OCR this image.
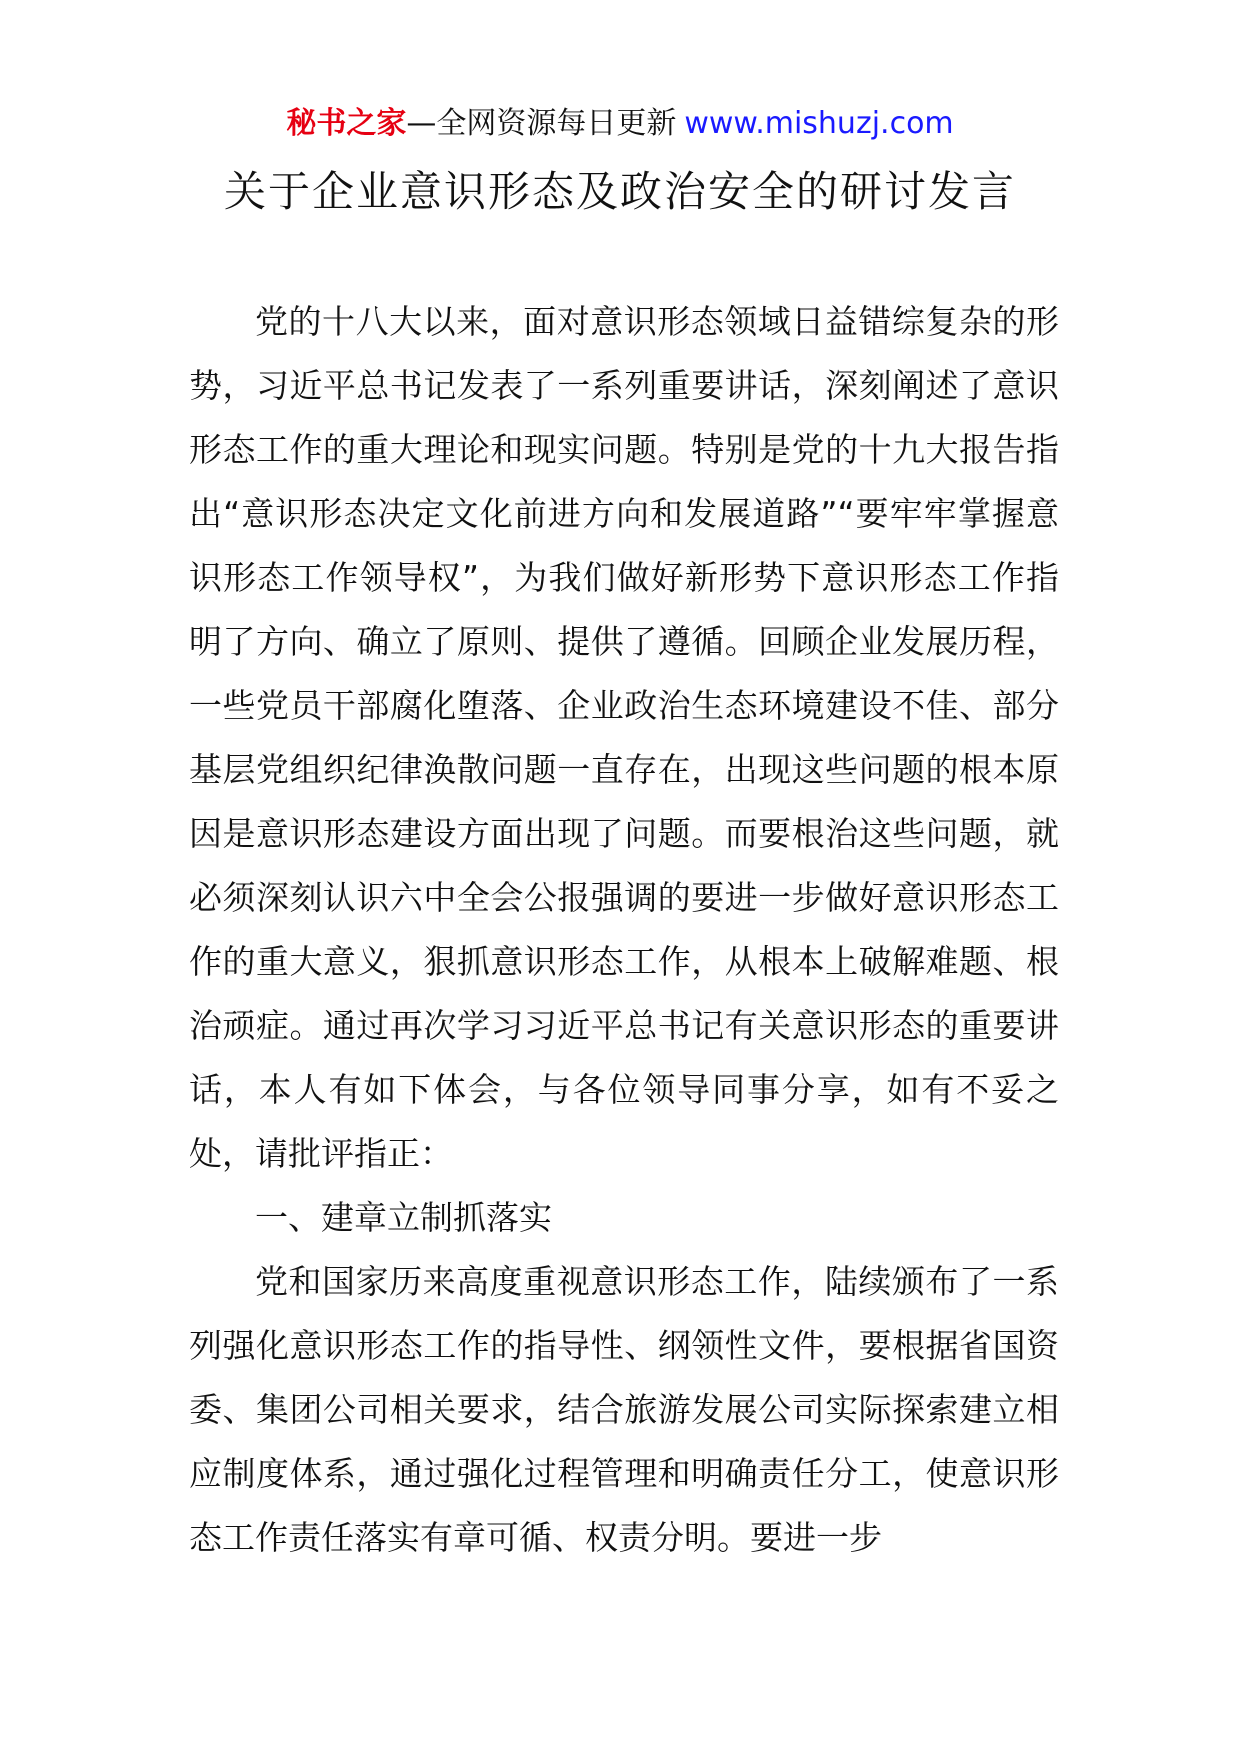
秘书之家—全网资源每日更新 www.mishuzj.com
关于企业意识形态及政治安全的研讨发言

党的十八大以来，面对意识形态领域日益错综复杂的形势，习近平总书记发表了一系列重要讲话，深刻阐述了意识形态工作的重大理论和现实问题。特别是党的十九大报告指出“意识形态决定文化前进方向和发展道路”“要牢牢掌握意识形态工作领导权”，为我们做好新形势下意识形态工作指明了方向、确立了原则、提供了遵循。回顾企业发展历程，一些党员干部腐化堕落、企业政治生态环境建设不佳、部分基层党组织纪律涣散问题一直存在，出现这些问题的根本原因是意识形态建设方面出现了问题。而要根治这些问题，就必须深刻认识六中全会公报强调的要进一步做好意识形态工作的重大意义，狠抓意识形态工作，从根本上破解难题、根治顽症。通过再次学习习近平总书记有关意识形态的重要讲话，本人有如下体会，与各位领导同事分享，如有不妥之处，请批评指正：

一、建章立制抓落实

党和国家历来高度重视意识形态工作，陆续颁布了一系列强化意识形态工作的指导性、纲领性文件，要根据省国资委、集团公司相关要求，结合旅游发展公司实际探索建立相应制度体系，通过强化过程管理和明确责任分工，使意识形态工作责任落实有章可循、权责分明。要进一步
